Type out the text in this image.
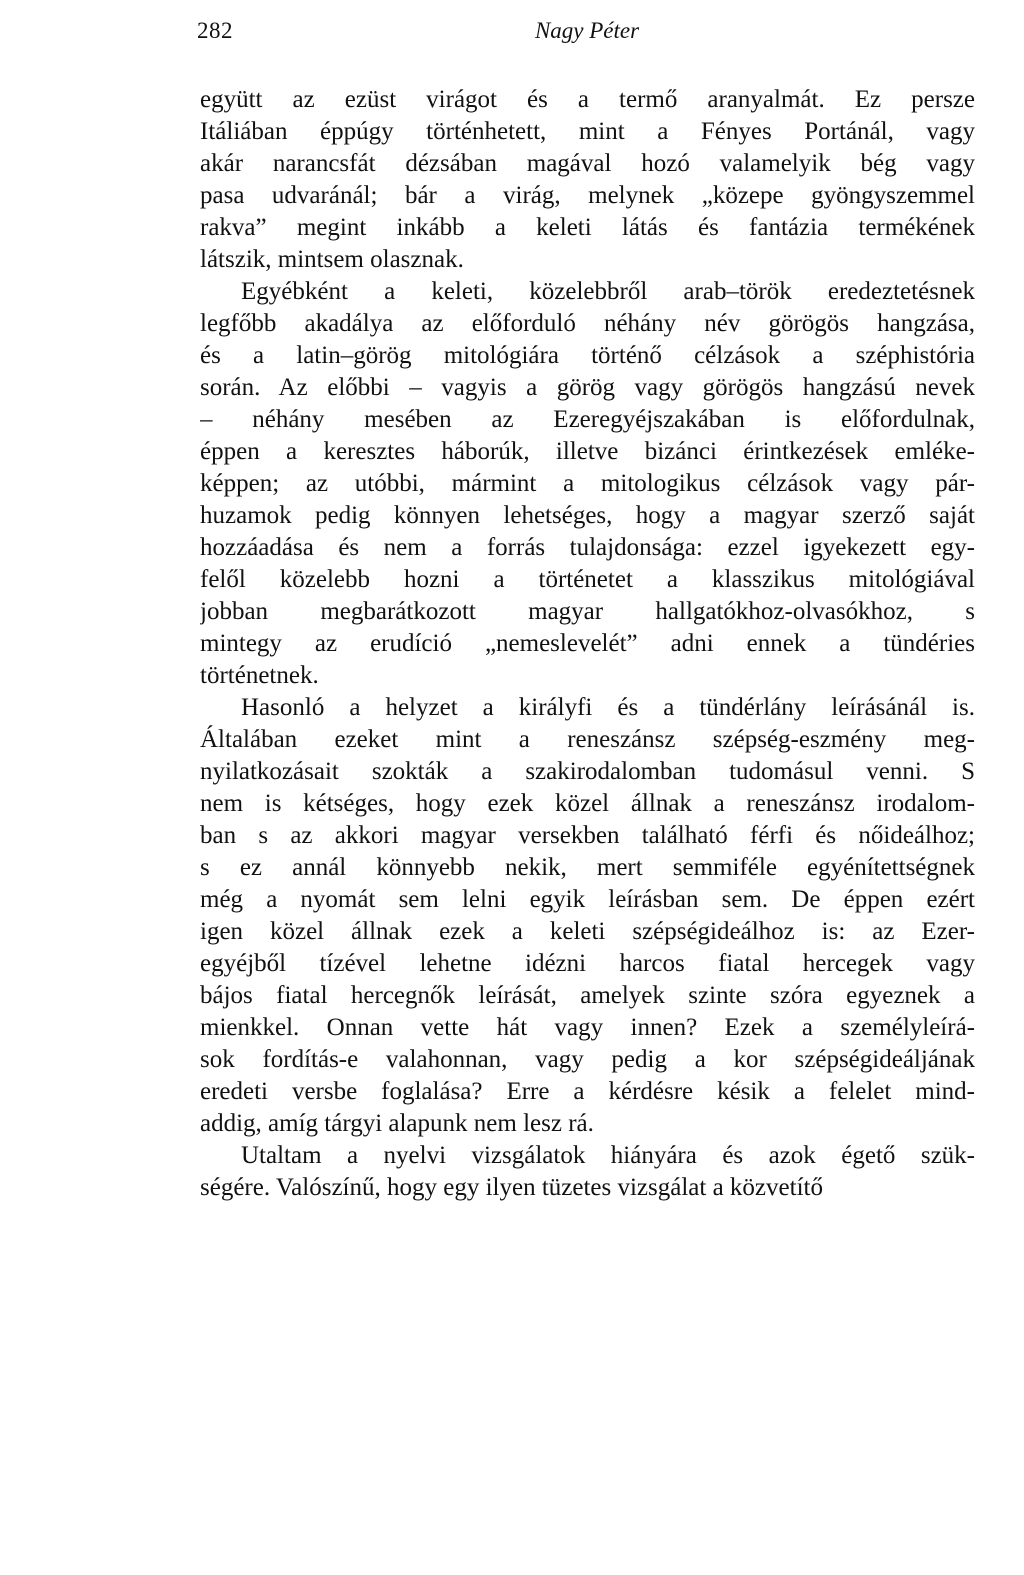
282	Nagy Péter
együtt az ezüst virágot és a termő aranyalmát. Ez persze
Itáliában éppúgy történhetett, mint a Fényes Portánál, vagy
akár narancsfát dézsában magával hozó valamelyik bég vagy
pasa udvaránál; bár a virág, melynek „közepe gyöngyszemmel
rakva” megint inkább a keleti látás és fantázia termékének
látszik, mintsem olasznak.
Egyébként a keleti, közelebbről arab–török eredeztetésnek
legfőbb akadálya az előforduló néhány név görögös hangzása,
és a latin–görög mitológiára történő célzások a széphistória
során. Az előbbi – vagyis a görög vagy görögös hangzású nevek
– néhány mesében az Ezeregyéjszakában is előfordulnak,
éppen a keresztes háborúk, illetve bizánci érintkezések emléke-
képpen; az utóbbi, mármint a mitologikus célzások vagy pár-
huzamok pedig könnyen lehetséges, hogy a magyar szerző saját
hozzáadása és nem a forrás tulajdonsága: ezzel igyekezett egy-
felől közelebb hozni a történetet a klasszikus mitológiával
jobban megbarátkozott magyar hallgatókhoz-olvasókhoz, s
mintegy az erudíció „nemeslevelét” adni ennek a tündéries
történetnek.
Hasonló a helyzet a királyfi és a tündérlány leírásánál is.
Általában ezeket mint a reneszánsz szépség-eszmény meg-
nyilatkozásait szokták a szakirodalomban tudomásul venni. S
nem is kétséges, hogy ezek közel állnak a reneszánsz irodalom-
ban s az akkori magyar versekben található férfi és nőideálhoz;
s ez annál könnyebb nekik, mert semmiféle egyénítettségnek
még a nyomát sem lelni egyik leírásban sem. De éppen ezért
igen közel állnak ezek a keleti szépségideálhoz is: az Ezer-
egyéjből tízével lehetne idézni harcos fiatal hercegek vagy
bájos fiatal hercegnők leírását, amelyek szinte szóra egyeznek a
mienkkel. Onnan vette hát vagy innen? Ezek a személyleírá-
sok fordítás-e valahonnan, vagy pedig a kor szépségideáljának
eredeti versbe foglalása? Erre a kérdésre késik a felelet mind-
addig, amíg tárgyi alapunk nem lesz rá.
Utaltam a nyelvi vizsgálatok hiányára és azok égető szük-
ségére. Valószínű, hogy egy ilyen tüzetes vizsgálat a közvetítő
